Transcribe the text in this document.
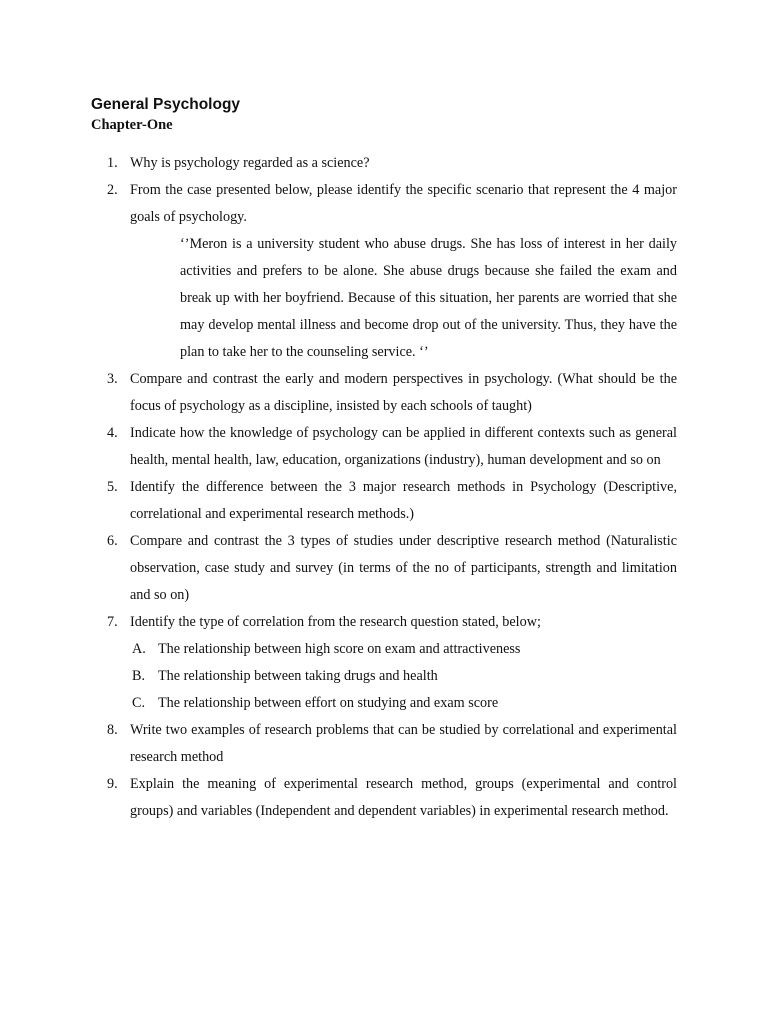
General Psychology
Chapter-One
1. Why is psychology regarded as a science?
2. From the case presented below, please identify the specific scenario that represent the 4 major goals of psychology.
‘’Meron is a university student who abuse drugs. She has loss of interest in her daily activities and prefers to be alone. She abuse drugs because she failed the exam and break up with her boyfriend. Because of this situation, her parents are worried that she may develop mental illness and become drop out of the university. Thus, they have the plan to take her to the counseling service. ‘’
3. Compare and contrast the early and modern perspectives in psychology. (What should be the focus of psychology as a discipline, insisted by each schools of taught)
4. Indicate how the knowledge of psychology can be applied in different contexts such as general health, mental health, law, education, organizations (industry), human development and so on
5. Identify the difference between the 3 major research methods in Psychology (Descriptive, correlational and experimental research methods.)
6. Compare and contrast the 3 types of studies under descriptive research method (Naturalistic observation, case study and survey (in terms of the no of participants, strength and limitation and so on)
7. Identify the type of correlation from the research question stated, below;
A. The relationship between high score on exam and attractiveness
B. The relationship between taking drugs and health
C. The relationship between effort on studying and exam score
8. Write two examples of research problems that can be studied by correlational and experimental research method
9. Explain the meaning of experimental research method, groups (experimental and control groups) and variables (Independent and dependent variables) in experimental research method.
